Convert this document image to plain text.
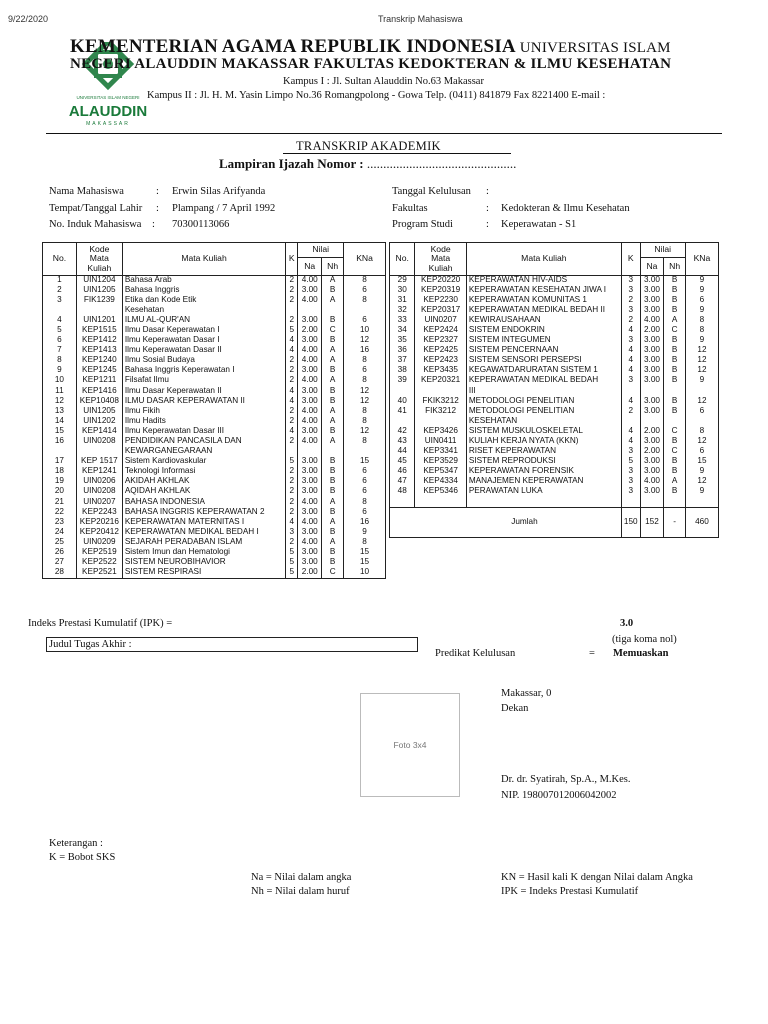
9/22/2020	Transkrip Mahasiswa
UNIVERSITAS ISLAM NEGERI
ALAUDDIN
MAKASSAR
KEMENTERIAN AGAMA REPUBLIK INDONESIA UNIVERSITAS ISLAM
NEGERI ALAUDDIN MAKASSAR FAKULTAS KEDOKTERAN & ILMU KESEHATAN
Kampus I : Jl. Sultan Alauddin No.63 Makassar
Kampus II : Jl. H. M. Yasin Limpo No.36 Romangpolong - Gowa Telp. (0411) 841879 Fax 8221400 E-mail :
TRANSKRIP AKADEMIK
Lampiran Ijazah Nomor : ..............................................
Nama Mahasiswa	: Erwin Silas Arifyanda
Tempat/Tanggal Lahir : Plampang / 7 April 1992
No. Induk Mahasiswa : 70300113066
Tanggal Kelulusan :
Fakultas	: Kedokteran & Ilmu Kesehatan
Program Studi	: Keperawatan - S1
No.	Kode
Mata
Kuliah	Mata Kuliah	K	Nilai		KNa
				Na	Nh	
1	UIN1204	Bahasa Arab	2	4.00	A	8
2	UIN1205	Bahasa Inggris	2	3.00	B	6
3	FIK1239	Etika dan Kode Etik	2	4.00	A	8
		Kesehatan				
4	UIN1201	ILMU AL-QUR'AN	2	3.00	B	6
5	KEP1515	Ilmu Dasar Keperawatan I	5	2.00	C	10
6	KEP1412	Ilmu Keperawatan Dasar I	4	3.00	B	12
7	KEP1413	Ilmu Keperawatan Dasar II	4	4.00	A	16
8	KEP1240	Ilmu Sosial Budaya	2	4.00	A	8
9	KEP1245	Bahasa Inggris Keperawatan I	2	3.00	B	6
10	KEP1211	Filsafat Ilmu	2	4.00	A	8
11	KEP1416	Ilmu Dasar Keperawatan II	4	3.00	B	12
12	KEP10408	ILMU DASAR KEPERAWATAN II	4	3.00	B	12
13	UIN1205	Ilmu Fikih	2	4.00	A	8
14	UIN1202	Ilmu Hadits	2	4.00	A	8
15	KEP1414	Ilmu Keperawatan Dasar III	4	3.00	B	12
16	UIN0208	PENDIDIKAN PANCASILA DAN	2	4.00	A	8
		KEWARGANEGARAAN				
17	KEP 1517	Sistem Kardiovaskular	5	3.00	B	15
18	KEP1241	Teknologi Informasi	2	3.00	B	6
19	UIN0206	AKIDAH AKHLAK	2	3.00	B	6
20	UIN0208	AQIDAH AKHLAK	2	3.00	B	6
21	UIN0207	BAHASA INDONESIA	2	4.00	A	8
22	KEP2243	BAHASA INGGRIS KEPERAWATAN 2	2	3.00	B	6
23	KEP20216	KEPERAWATAN MATERNITAS I	4	4.00	A	16
24	KEP20412	KEPERAWATAN MEDIKAL BEDAH I	3	3.00	B	9
25	UIN0209	SEJARAH PERADABAN ISLAM	2	4.00	A	8
26	KEP2519	Sistem Imun dan Hematologi	5	3.00	B	15
27	KEP2522	SISTEM NEUROBIHAVIOR	5	3.00	B	15
28	KEP2521	SISTEM RESPIRASI	5	2.00	C	10
No.	Kode
Mata
Kuliah	Mata Kuliah	K	Nilai		KNa
				Na	Nh	
29	KEP20220	KEPERAWATAN HIV-AIDS	3	3.00	B	9
30	KEP20319	KEPERAWATAN KESEHATAN JIWA I	3	3.00	B	9
31	KEP2230	KEPERAWATAN KOMUNITAS 1	2	3.00	B	6
32	KEP20317	KEPERAWATAN MEDIKAL BEDAH II	3	3.00	B	9
33	UIN0207	KEWIRAUSAHAAN	2	4.00	A	8
34	KEP2424	SISTEM ENDOKRIN	4	2.00	C	8
35	KEP2327	SISTEM INTEGUMEN	3	3.00	B	9
36	KEP2425	SISTEM PENCERNAAN	4	3.00	B	12
37	KEP2423	SISTEM SENSORI PERSEPSI	4	3.00	B	12
38	KEP3435	KEGAWATDARURATAN SISTEM 1	4	3.00	B	12
39	KEP20321	KEPERAWATAN MEDIKAL BEDAH	3	3.00	B	9
		III				
40	FKIK3212	METODOLOGI PENELITIAN	4	3.00	B	12
41	FIK3212	METODOLOGI PENELITIAN	2	3.00	B	6
		KESEHATAN				
42	KEP3426	SISTEM MUSKULOSKELETAL	4	2.00	C	8
43	UIN0411	KULIAH KERJA NYATA (KKN)	4	3.00	B	12
44	KEP3341	RISET KEPERAWATAN	3	2.00	C	6
45	KEP3529	SISTEM REPRODUKSI	5	3.00	B	15
46	KEP5347	KEPERAWATAN FORENSIK	3	3.00	B	9
47	KEP4334	MANAJEMEN KEPERAWATAN	3	4.00	A	12
48	KEP5346	PERAWATAN LUKA	3	3.00	B	9

Jumlah			150	152	-	460
Indeks Prestasi Kumulatif (IPK) =	3.0
(tiga koma nol)
Judul Tugas Akhir :
Predikat Kelulusan	= Memuaskan
Foto 3x4
Makassar, 0
Dekan
Dr. dr. Syatirah, Sp.A., M.Kes.
NIP. 198007012006042002
Keterangan :
K = Bobot SKS
Na = Nilai dalam angka
Nh = Nilai dalam huruf
KN = Hasil kali K dengan Nilai dalam Angka
IPK = Indeks Prestasi Kumulatif
